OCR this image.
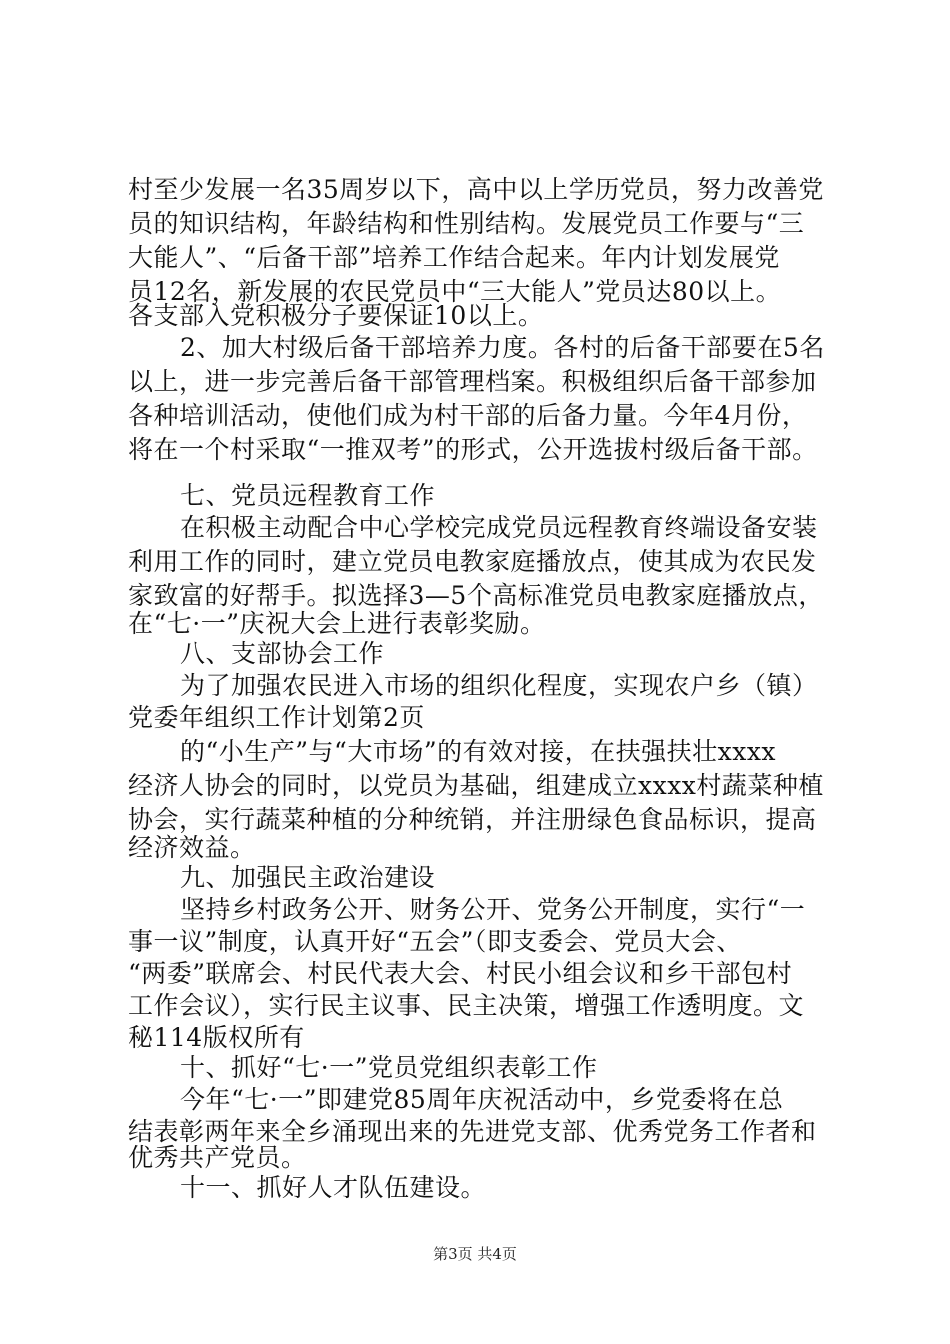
村至少发展一名35周岁以下，高中以上学历党员，努力改善党
员的知识结构，年龄结构和性别结构。发展党员工作要与“三
大能人”、“后备干部”培养工作结合起来。年内计划发展党
员12名，新发展的农民党员中“三大能人”党员达80以上。
各支部入党积极分子要保证10以上。
2、加大村级后备干部培养力度。各村的后备干部要在5名
以上，进一步完善后备干部管理档案。积极组织后备干部参加
各种培训活动，使他们成为村干部的后备力量。今年4月份，
将在一个村采取“一推双考”的形式，公开选拔村级后备干部。
七、党员远程教育工作
在积极主动配合中心学校完成党员远程教育终端设备安装
利用工作的同时，建立党员电教家庭播放点，使其成为农民发
家致富的好帮手。拟选择3—5个高标准党员电教家庭播放点，
在“七·一”庆祝大会上进行表彰奖励。
八、支部协会工作
为了加强农民进入市场的组织化程度，实现农户乡（镇）
党委年组织工作计划第2页
的“小生产”与“大市场”的有效对接，在扶强扶壮xxxx
经济人协会的同时，以党员为基础，组建成立xxxx村蔬菜种植
协会，实行蔬菜种植的分种统销，并注册绿色食品标识，提高
经济效益。
九、加强民主政治建设
坚持乡村政务公开、财务公开、党务公开制度，实行“一
事一议”制度，认真开好“五会”（即支委会、党员大会、
“两委”联席会、村民代表大会、村民小组会议和乡干部包村
工作会议），实行民主议事、民主决策，增强工作透明度。文
秘114版权所有
十、抓好“七·一”党员党组织表彰工作
今年“七·一”即建党85周年庆祝活动中，乡党委将在总
结表彰两年来全乡涌现出来的先进党支部、优秀党务工作者和
优秀共产党员。
十一、抓好人才队伍建设。
第3页 共4页
